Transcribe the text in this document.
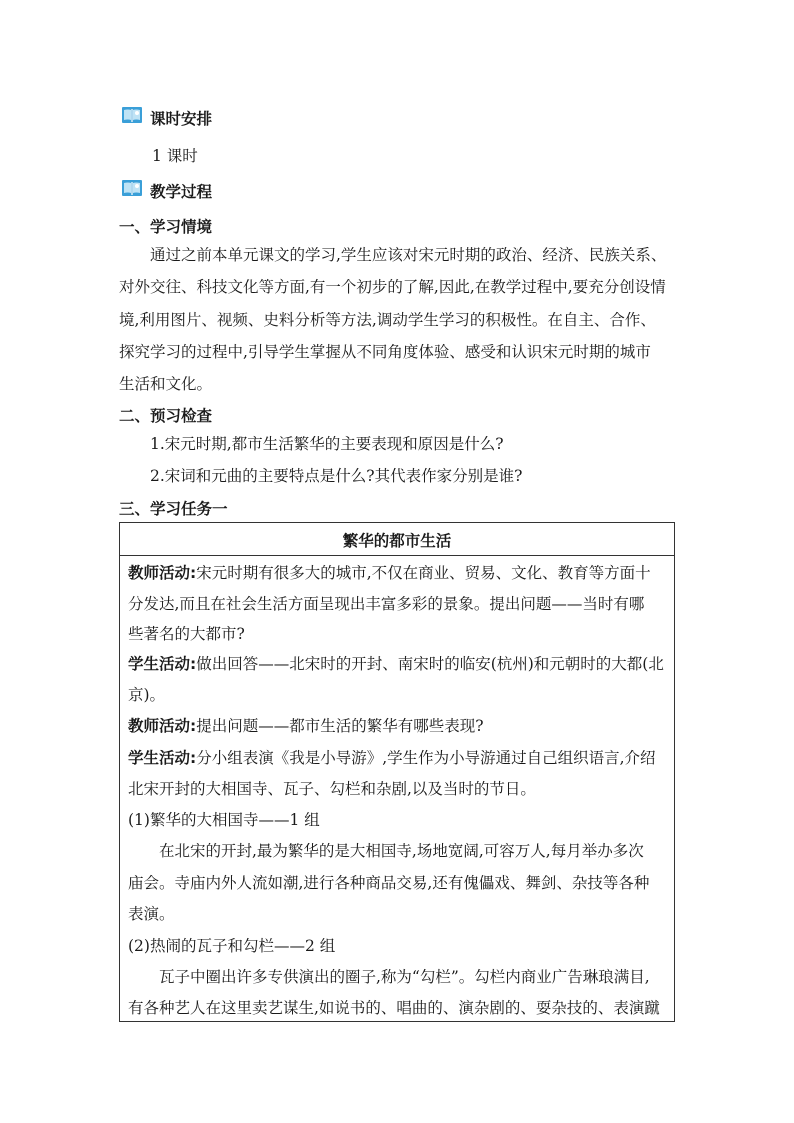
课时安排
1 课时
教学过程
一、学习情境
通过之前本单元课文的学习,学生应该对宋元时期的政治、经济、民族关系、
对外交往、科技文化等方面,有一个初步的了解,因此,在教学过程中,要充分创设情
境,利用图片、视频、史料分析等方法,调动学生学习的积极性。在自主、合作、
探究学习的过程中,引导学生掌握从不同角度体验、感受和认识宋元时期的城市
生活和文化。
二、预习检查
1.宋元时期,都市生活繁华的主要表现和原因是什么?
2.宋词和元曲的主要特点是什么?其代表作家分别是谁?
三、学习任务一
繁华的都市生活
教师活动:宋元时期有很多大的城市,不仅在商业、贸易、文化、教育等方面十
分发达,而且在社会生活方面呈现出丰富多彩的景象。提出问题——当时有哪
些著名的大都市?
学生活动:做出回答——北宋时的开封、南宋时的临安(杭州)和元朝时的大都(北
京)。
教师活动:提出问题——都市生活的繁华有哪些表现?
学生活动:分小组表演《我是小导游》,学生作为小导游通过自己组织语言,介绍
北宋开封的大相国寺、瓦子、勾栏和杂剧,以及当时的节日。
(1)繁华的大相国寺——1 组
在北宋的开封,最为繁华的是大相国寺,场地宽阔,可容万人,每月举办多次
庙会。寺庙内外人流如潮,进行各种商品交易,还有傀儡戏、舞剑、杂技等各种
表演。
(2)热闹的瓦子和勾栏——2 组
瓦子中圈出许多专供演出的圈子,称为“勾栏”。勾栏内商业广告琳琅满目,
有各种艺人在这里卖艺谋生,如说书的、唱曲的、演杂剧的、耍杂技的、表演蹴
